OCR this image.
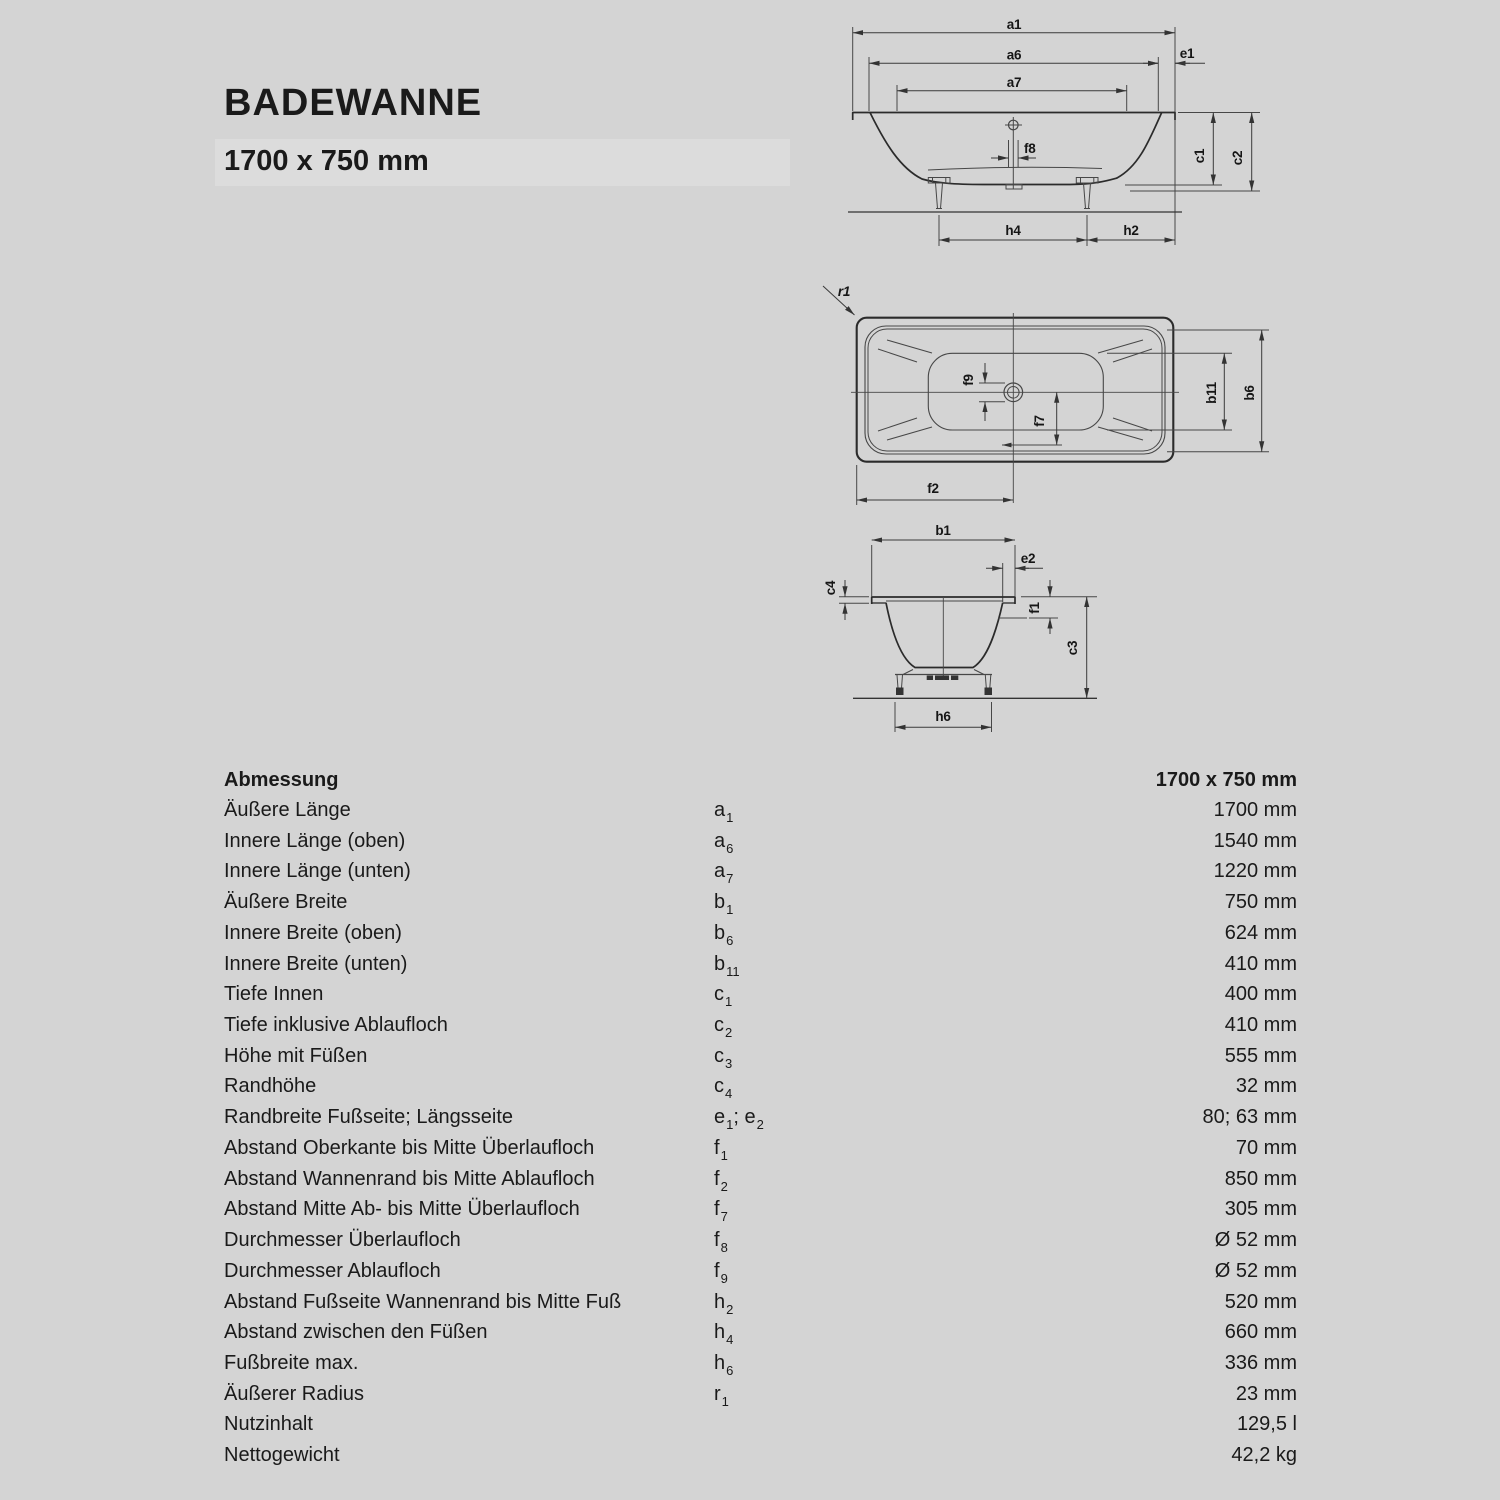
BADEWANNE
1700 x 750 mm
a1
a6	e1
a7
f8	c1 c2
h4	h2
r1
f9
f7
b11 b6
f2
b1
e2
c4
f1
c3
h6
Abmessung	1700 x 750 mm
Äußere Länge	$a_1$	1700 mm
Innere Länge (oben)	$a_6$	1540 mm
Innere Länge (unten)	$a_7$	1220 mm
Äußere Breite	$b_1$	750 mm
Innere Breite (oben)	$b_6$	624 mm
Innere Breite (unten)	$b_{11}$	410 mm
Tiefe Innen	$c_1$	400 mm
Tiefe inklusive Ablaufloch	$c_2$	410 mm
Höhe mit Füßen	$c_3$	555 mm
Randhöhe	$c_4$	32 mm
Randbreite Fußseite; Längsseite	$e_1$; $e_2$	80; 63 mm
Abstand Oberkante bis Mitte Überlaufloch	$f_1$	70 mm
Abstand Wannenrand bis Mitte Ablaufloch	$f_2$	850 mm
Abstand Mitte Ab- bis Mitte Überlaufloch	$f_7$	305 mm
Durchmesser Überlaufloch	$f_8$	Ø 52 mm
Durchmesser Ablaufloch	$f_9$	Ø 52 mm
Abstand Fußseite Wannenrand bis Mitte Fuß	$h_2$	520 mm
Abstand zwischen den Füßen	$h_4$	660 mm
Fußbreite max.	$h_6$	336 mm
Äußerer Radius	$r_1$	23 mm
Nutzinhalt	129,5 l
Nettogewicht	42,2 kg
